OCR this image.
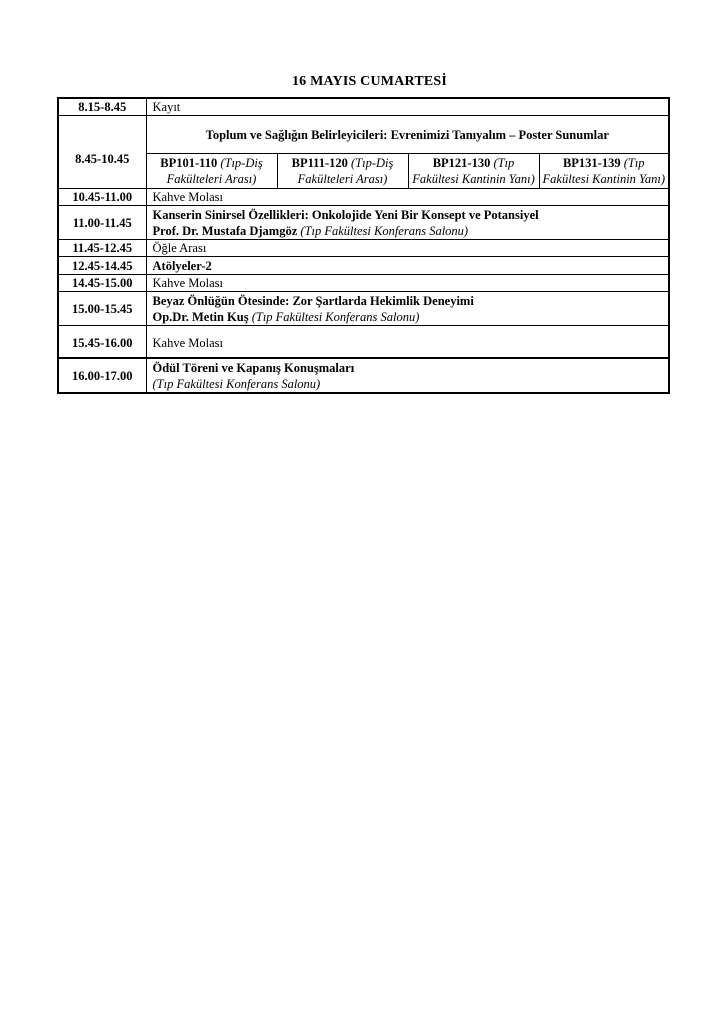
16 MAYIS CUMARTESİ
8.15-8.45	Kayıt			
8.45-10.45	Toplum ve Sağlığın Belirleyicileri: Evrenimizi Tanıyalım – Poster Sunumlar			
	BP101-110 (Tıp-Diş Fakülteleri Arası)	BP111-120 (Tıp-Diş Fakülteleri Arası)	BP121-130 (Tıp Fakültesi Kantinin Yanı)	BP131-139 (Tıp Fakültesi Kantinin Yanı)
10.45-11.00	Kahve Molası			
11.00-11.45	Kanserin Sinirsel Özellikleri: Onkolojide Yeni Bir Konsept ve Potansiyel
Prof. Dr. Mustafa Djamgöz (Tıp Fakültesi Konferans Salonu)			

11.45-12.45	Öğle Arası			
12.45-14.45	Atölyeler-2			
14.45-15.00	Kahve Molası			
15.00-15.45	Beyaz Önlüğün Ötesinde: Zor Şartlarda Hekimlik Deneyimi
Op.Dr. Metin Kuş (Tıp Fakültesi Konferans Salonu)			

15.45-16.00	Kahve Molası			
16.00-17.00	Ödül Töreni ve Kapanış Konuşmaları
(Tıp Fakültesi Konferans Salonu)			
